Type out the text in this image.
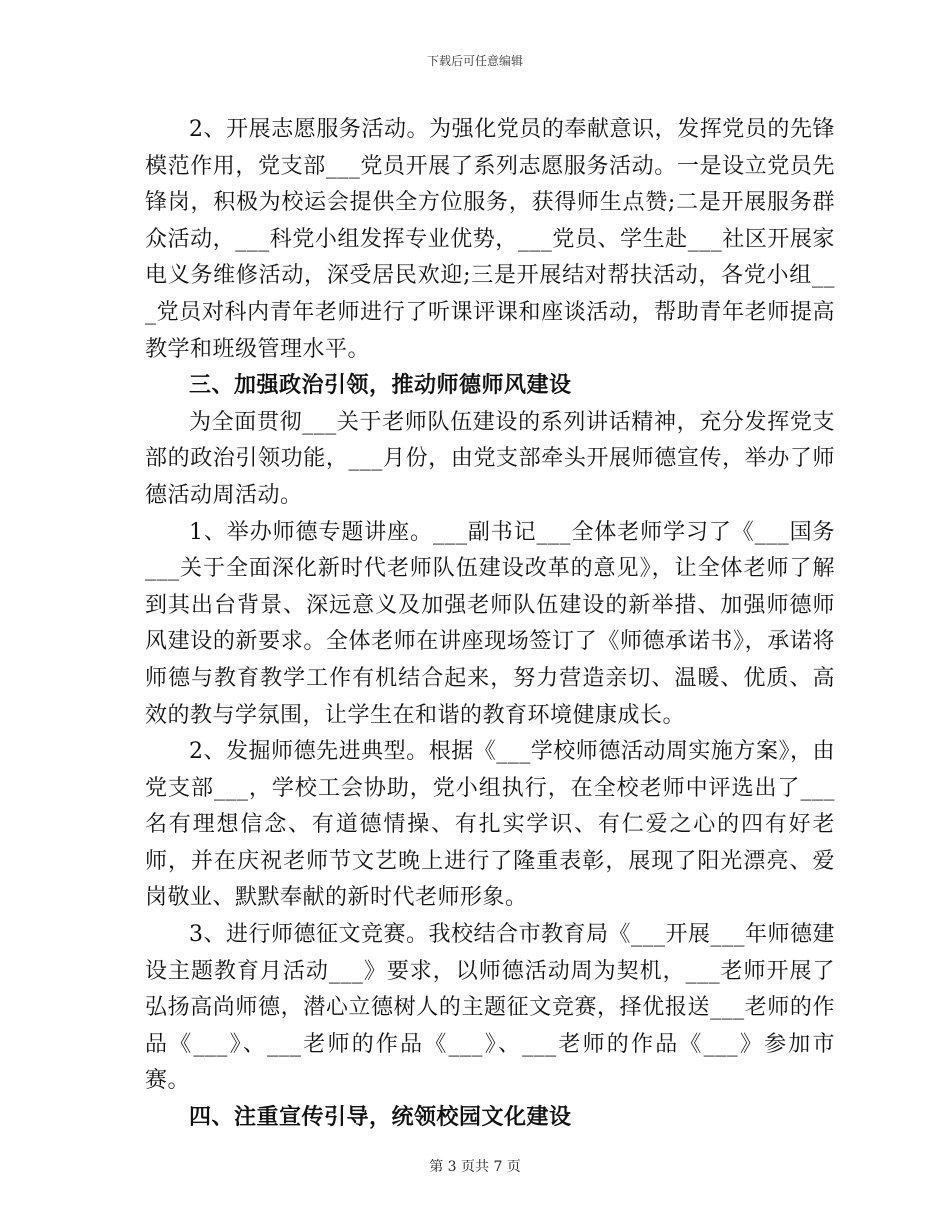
下载后可任意编辑

2、开展志愿服务活动。为强化党员的奉献意识，发挥党员的先锋模范作用，党支部___党员开展了系列志愿服务活动。一是设立党员先锋岗，积极为校运会提供全方位服务，获得师生点赞;二是开展服务群众活动，___科党小组发挥专业优势，___党员、学生赴___社区开展家电义务维修活动，深受居民欢迎;三是开展结对帮扶活动，各党小组___党员对科内青年老师进行了听课评课和座谈活动，帮助青年老师提高教学和班级管理水平。

三、加强政治引领，推动师德师风建设

为全面贯彻___关于老师队伍建设的系列讲话精神，充分发挥党支部的政治引领功能，___月份，由党支部牵头开展师德宣传，举办了师德活动周活动。

1、举办师德专题讲座。___副书记___全体老师学习了《___国务___关于全面深化新时代老师队伍建设改革的意见》，让全体老师了解到其出台背景、深远意义及加强老师队伍建设的新举措、加强师德师风建设的新要求。全体老师在讲座现场签订了《师德承诺书》，承诺将师德与教育教学工作有机结合起来，努力营造亲切、温暖、优质、高效的教与学氛围，让学生在和谐的教育环境健康成长。

2、发掘师德先进典型。根据《___学校师德活动周实施方案》，由党支部___，学校工会协助，党小组执行，在全校老师中评选出了___名有理想信念、有道德情操、有扎实学识、有仁爱之心的四有好老师，并在庆祝老师节文艺晚上进行了隆重表彰，展现了阳光漂亮、爱岗敬业、默默奉献的新时代老师形象。

3、进行师德征文竞赛。我校结合市教育局《___开展___年师德建设主题教育月活动___》要求，以师德活动周为契机，___老师开展了弘扬高尚师德，潜心立德树人的主题征文竞赛，择优报送___老师的作品《___》、___老师的作品《___》、___老师的作品《___》参加市赛。

四、注重宣传引导，统领校园文化建设

第 3 页共 7 页
